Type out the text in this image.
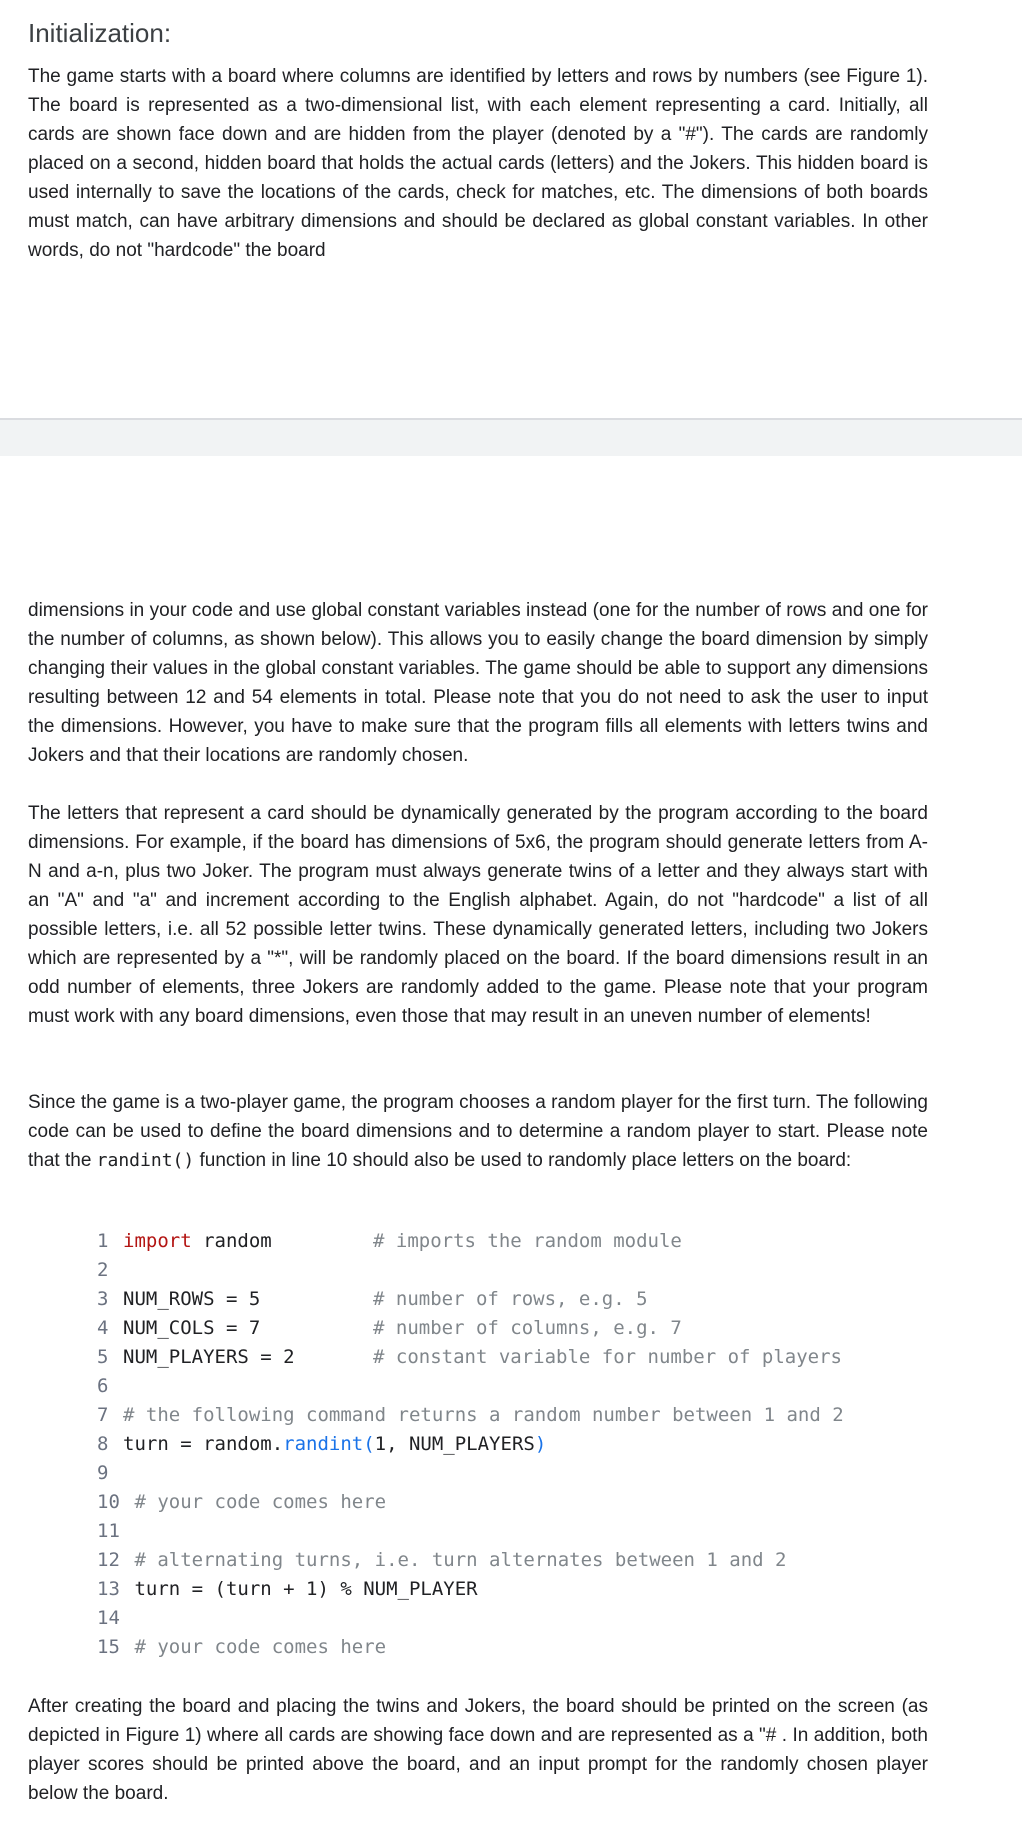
Initialization:

The game starts with a board where columns are identified by letters and rows by numbers (see Figure 1). The board is represented as a two-dimensional list, with each element representing a card. Initially, all cards are shown face down and are hidden from the player (denoted by a "#"). The cards are randomly placed on a second, hidden board that holds the actual cards (letters) and the Jokers. This hidden board is used internally to save the locations of the cards, check for matches, etc. The dimensions of both boards must match, can have arbitrary dimensions and should be declared as global constant variables. In other words, do not "hardcode" the board

dimensions in your code and use global constant variables instead (one for the number of rows and one for the number of columns, as shown below). This allows you to easily change the board dimension by simply changing their values in the global constant variables. The game should be able to support any dimensions resulting between 12 and 54 elements in total. Please note that you do not need to ask the user to input the dimensions. However, you have to make sure that the program fills all elements with letters twins and Jokers and that their locations are randomly chosen.

The letters that represent a card should be dynamically generated by the program according to the board dimensions. For example, if the board has dimensions of 5x6, the program should generate letters from A-N and a-n, plus two Joker. The program must always generate twins of a letter and they always start with an "A" and "a" and increment according to the English alphabet. Again, do not "hardcode" a list of all possible letters, i.e. all 52 possible letter twins. These dynamically generated letters, including two Jokers which are represented by a "*", will be randomly placed on the board. If the board dimensions result in an odd number of elements, three Jokers are randomly added to the game. Please note that your program must work with any board dimensions, even those that may result in an uneven number of elements!

Since the game is a two-player game, the program chooses a random player for the first turn. The following code can be used to define the board dimensions and to determine a random player to start. Please note that the randint() function in line 10 should also be used to randomly place letters on the board:

1 import random	# imports the random module

2

3 NUM_ROWS = 5	# number of rows, e.g. 5

4 NUM_COLS = 7	# number of columns, e.g. 7

5 NUM_PLAYERS = 2	# constant variable for number of players

6

7 # the following command returns a random number between 1 and 2

8 turn = random.randint(1, NUM_PLAYERS)

9

10 # your code comes here

11

12 # alternating turns, i.e. turn alternates between 1 and 2

13 turn = (turn + 1) % NUM_PLAYER

14

15 # your code comes here

After creating the board and placing the twins and Jokers, the board should be printed on the screen (as depicted in Figure 1) where all cards are showing face down and are represented as a "# . In addition, both player scores should be printed above the board, and an input prompt for the randomly chosen player below the board.
